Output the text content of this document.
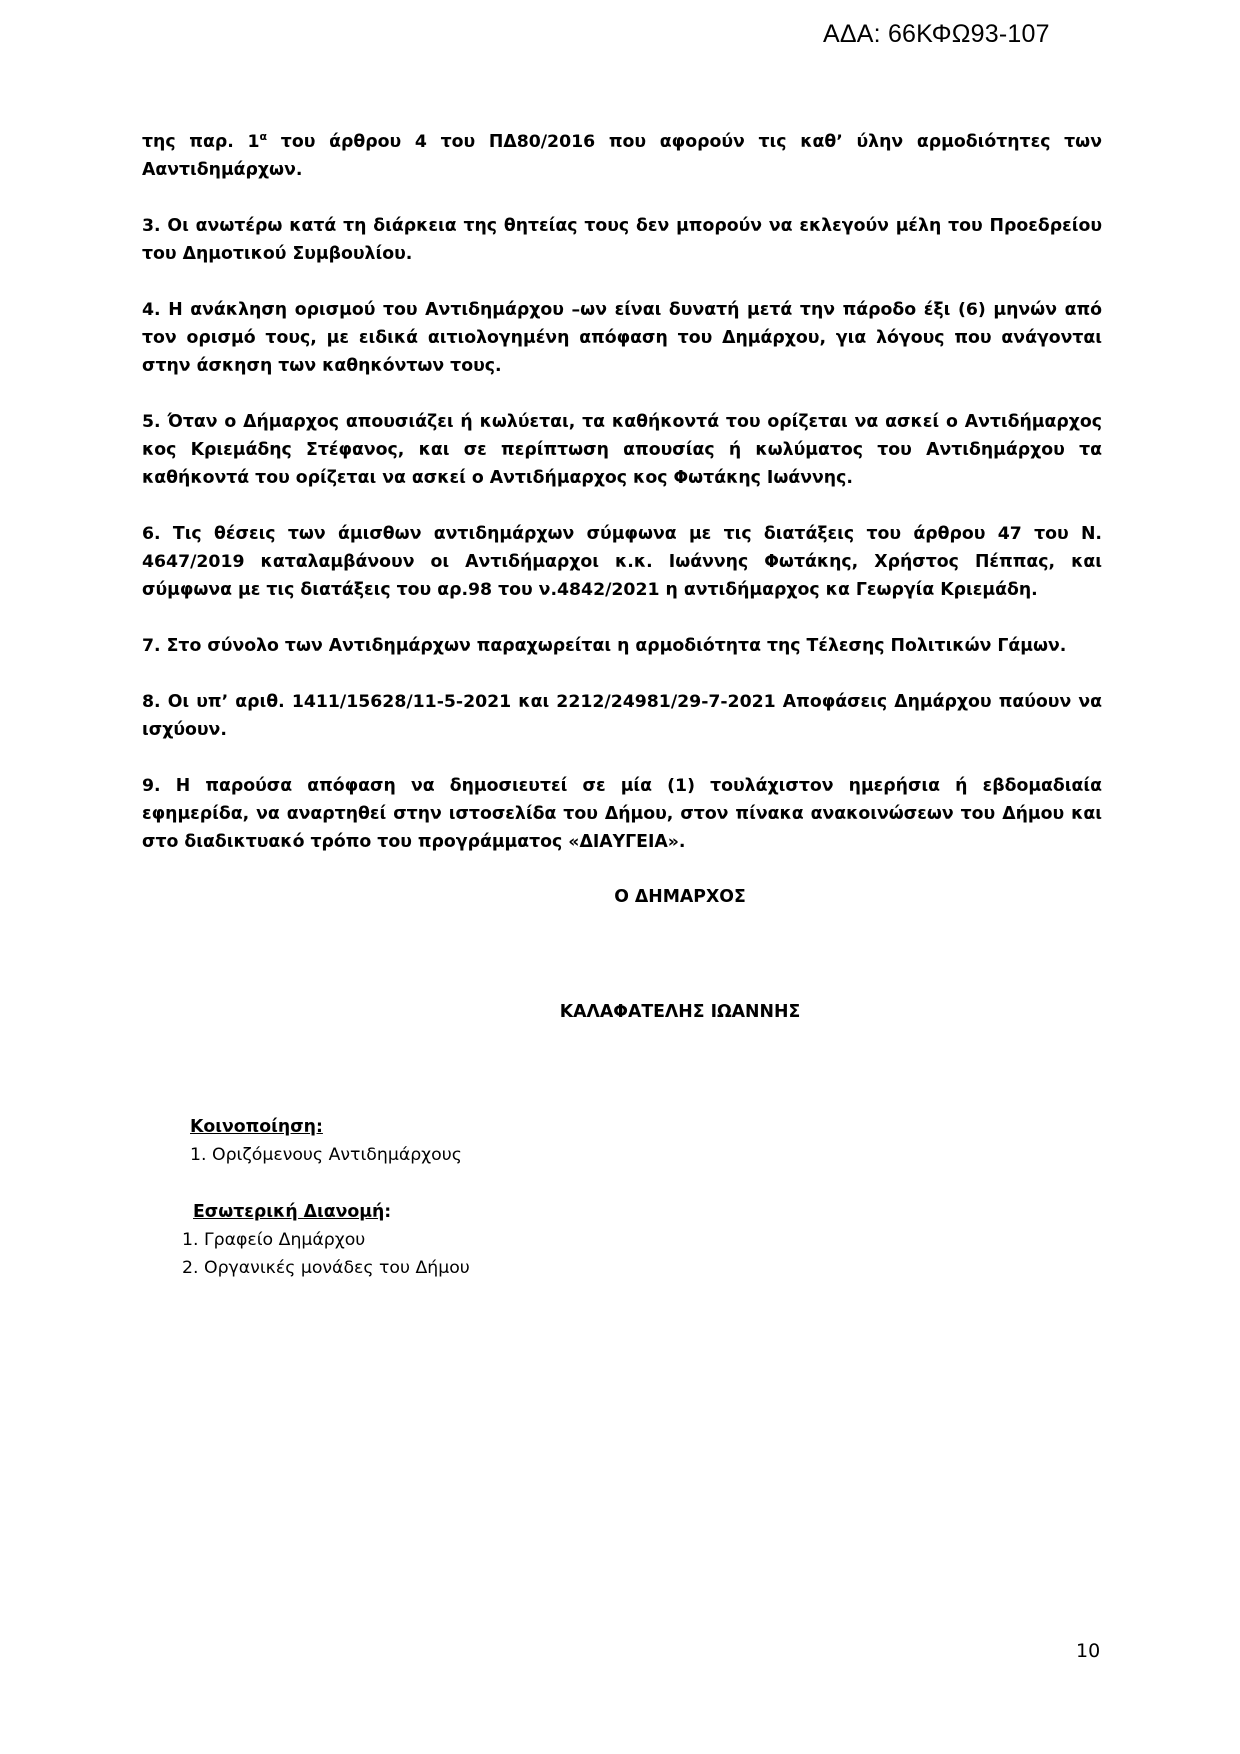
ΑΔΑ: 66ΚΦΩ93-107

της παρ. $1^\alpha$ του άρθρου 4 του ΠΔ80/2016 που αφορούν τις καθ’ ύλην αρμοδιότητες των Ααντιδημάρχων.

3. Οι ανωτέρω κατά τη διάρκεια της θητείας τους δεν μπορούν να εκλεγούν μέλη του Προεδρείου του Δημοτικού Συμβουλίου.

4. Η ανάκληση ορισμού του Αντιδημάρχου –ων είναι δυνατή μετά την πάροδο έξι (6) μηνών από τον ορισμό τους, με ειδικά αιτιολογημένη απόφαση του Δημάρχου, για λόγους που ανάγονται στην άσκηση των καθηκόντων τους.

5. Όταν ο Δήμαρχος απουσιάζει ή κωλύεται, τα καθήκοντά του ορίζεται να ασκεί ο Αντιδήμαρχος κος Κριεμάδης Στέφανος, και σε περίπτωση απουσίας ή κωλύματος του Αντιδημάρχου τα καθήκοντά του ορίζεται να ασκεί ο Αντιδήμαρχος κος Φωτάκης Ιωάννης.

6. Τις θέσεις των άμισθων αντιδημάρχων σύμφωνα με τις διατάξεις του άρθρου 47 του Ν. 4647/2019 καταλαμβάνουν οι Αντιδήμαρχοι κ.κ. Ιωάννης Φωτάκης, Χρήστος Πέππας, και σύμφωνα με τις διατάξεις του αρ.98 του ν.4842/2021 η αντιδήμαρχος κα Γεωργία Κριεμάδη.

7. Στο σύνολο των Αντιδημάρχων παραχωρείται η αρμοδιότητα της Τέλεσης Πολιτικών Γάμων.

8. Οι υπ’ αριθ. 1411/15628/11-5-2021 και 2212/24981/29-7-2021 Αποφάσεις Δημάρχου παύουν να ισχύουν.

9. Η παρούσα απόφαση να δημοσιευτεί σε μία (1) τουλάχιστον ημερήσια ή εβδομαδιαία εφημερίδα, να αναρτηθεί στην ιστοσελίδα του Δήμου, στον πίνακα ανακοινώσεων του Δήμου και στο διαδικτυακό τρόπο του προγράμματος «ΔΙΑΥΓΕΙΑ».

Ο ΔΗΜΑΡΧΟΣ
ΚΑΛΑΦΑΤΕΛΗΣ ΙΩΑΝΝΗΣ
Κοινοποίηση:
1. Οριζόμενους Αντιδημάρχους
Εσωτερική Διανομή:
1. Γραφείο Δημάρχου
2. Οργανικές μονάδες του Δήμου
10
